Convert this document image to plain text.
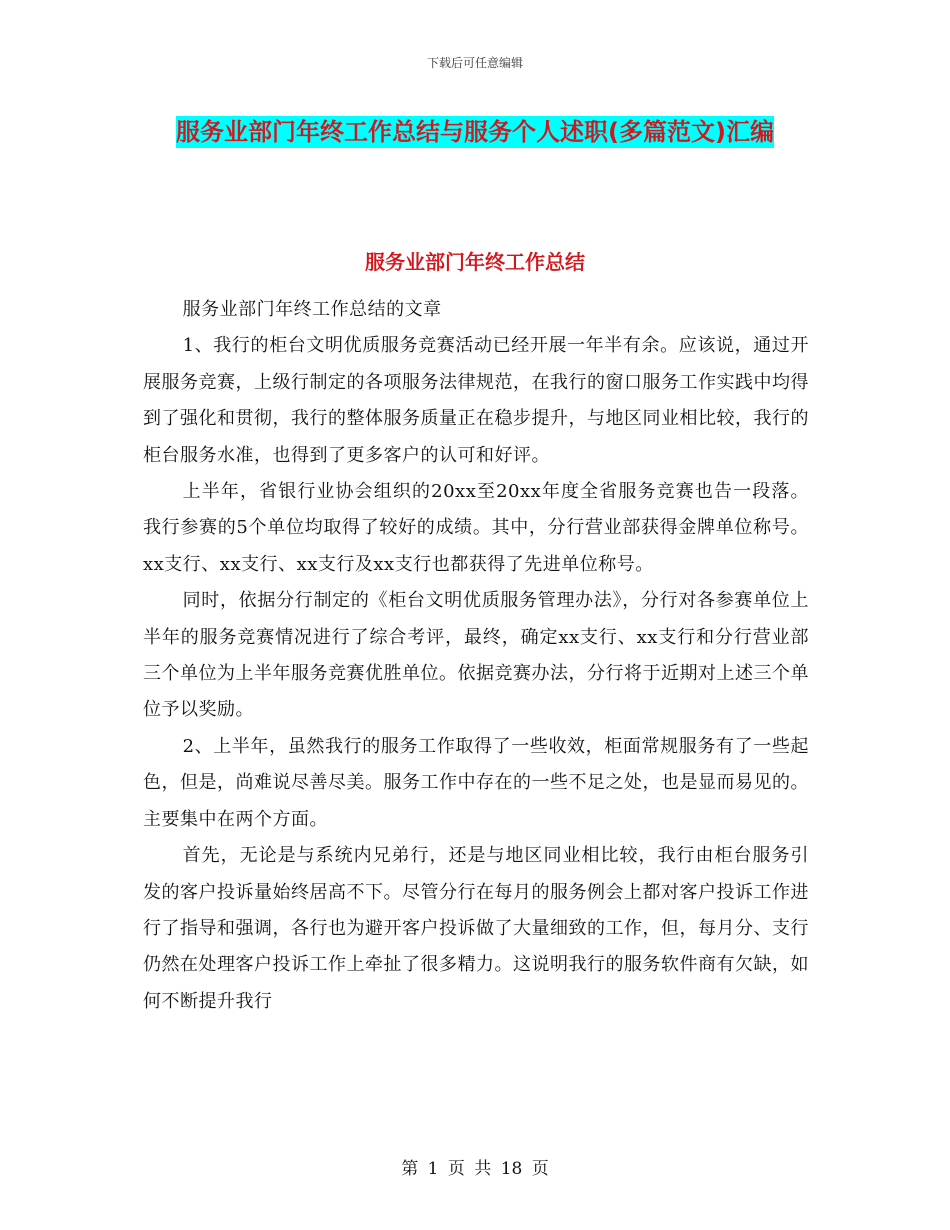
下载后可任意编辑
服务业部门年终工作总结与服务个人述职(多篇范文)汇编
服务业部门年终工作总结

服务业部门年终工作总结的文章

1、我行的柜台文明优质服务竞赛活动已经开展一年半有余。应该说，通过开展服务竞赛，上级行制定的各项服务法律规范，在我行的窗口服务工作实践中均得到了强化和贯彻，我行的整体服务质量正在稳步提升，与地区同业相比较，我行的柜台服务水准，也得到了更多客户的认可和好评。

上半年，省银行业协会组织的20xx至20xx年度全省服务竞赛也告一段落。我行参赛的5个单位均取得了较好的成绩。其中，分行营业部获得金牌单位称号。xx支行、xx支行、xx支行及xx支行也都获得了先进单位称号。

同时，依据分行制定的《柜台文明优质服务管理办法》，分行对各参赛单位上半年的服务竞赛情况进行了综合考评，最终，确定xx支行、xx支行和分行营业部三个单位为上半年服务竞赛优胜单位。依据竞赛办法，分行将于近期对上述三个单位予以奖励。

2、上半年，虽然我行的服务工作取得了一些收效，柜面常规服务有了一些起色，但是，尚难说尽善尽美。服务工作中存在的一些不足之处，也是显而易见的。主要集中在两个方面。

首先，无论是与系统内兄弟行，还是与地区同业相比较，我行由柜台服务引发的客户投诉量始终居高不下。尽管分行在每月的服务例会上都对客户投诉工作进行了指导和强调，各行也为避开客户投诉做了大量细致的工作，但，每月分、支行仍然在处理客户投诉工作上牵扯了很多精力。这说明我行的服务软件商有欠缺，如何不断提升我行

第 1 页 共 18 页
